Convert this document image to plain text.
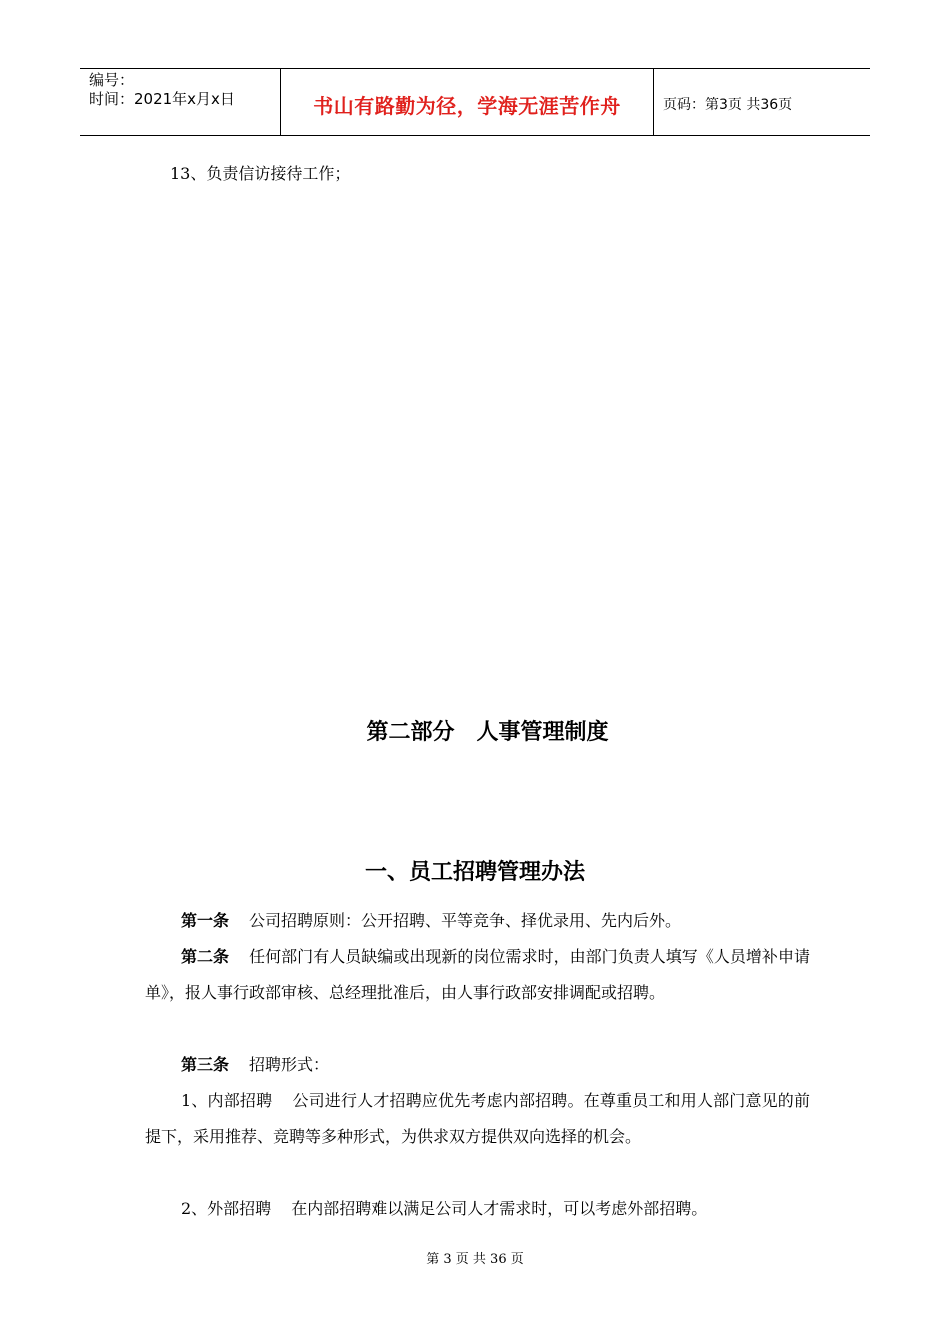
编号：
时间：2021年x月x日	书山有路勤为径，学海无涯苦作舟	页码：第3页 共36页
13、负责信访接待工作；
第二部分　人事管理制度
一、员工招聘管理办法
第一条 公司招聘原则：公开招聘、平等竞争、择优录用、先内后外。
第二条 任何部门有人员缺编或出现新的岗位需求时，由部门负责人填写《人员增补申请单》，报人事行政部审核、总经理批准后，由人事行政部安排调配或招聘。
第三条 招聘形式：
1、内部招聘 公司进行人才招聘应优先考虑内部招聘。在尊重员工和用人部门意见的前提下，采用推荐、竞聘等多种形式，为供求双方提供双向选择的机会。
2、外部招聘 在内部招聘难以满足公司人才需求时，可以考虑外部招聘。
第 3 页 共 36 页
